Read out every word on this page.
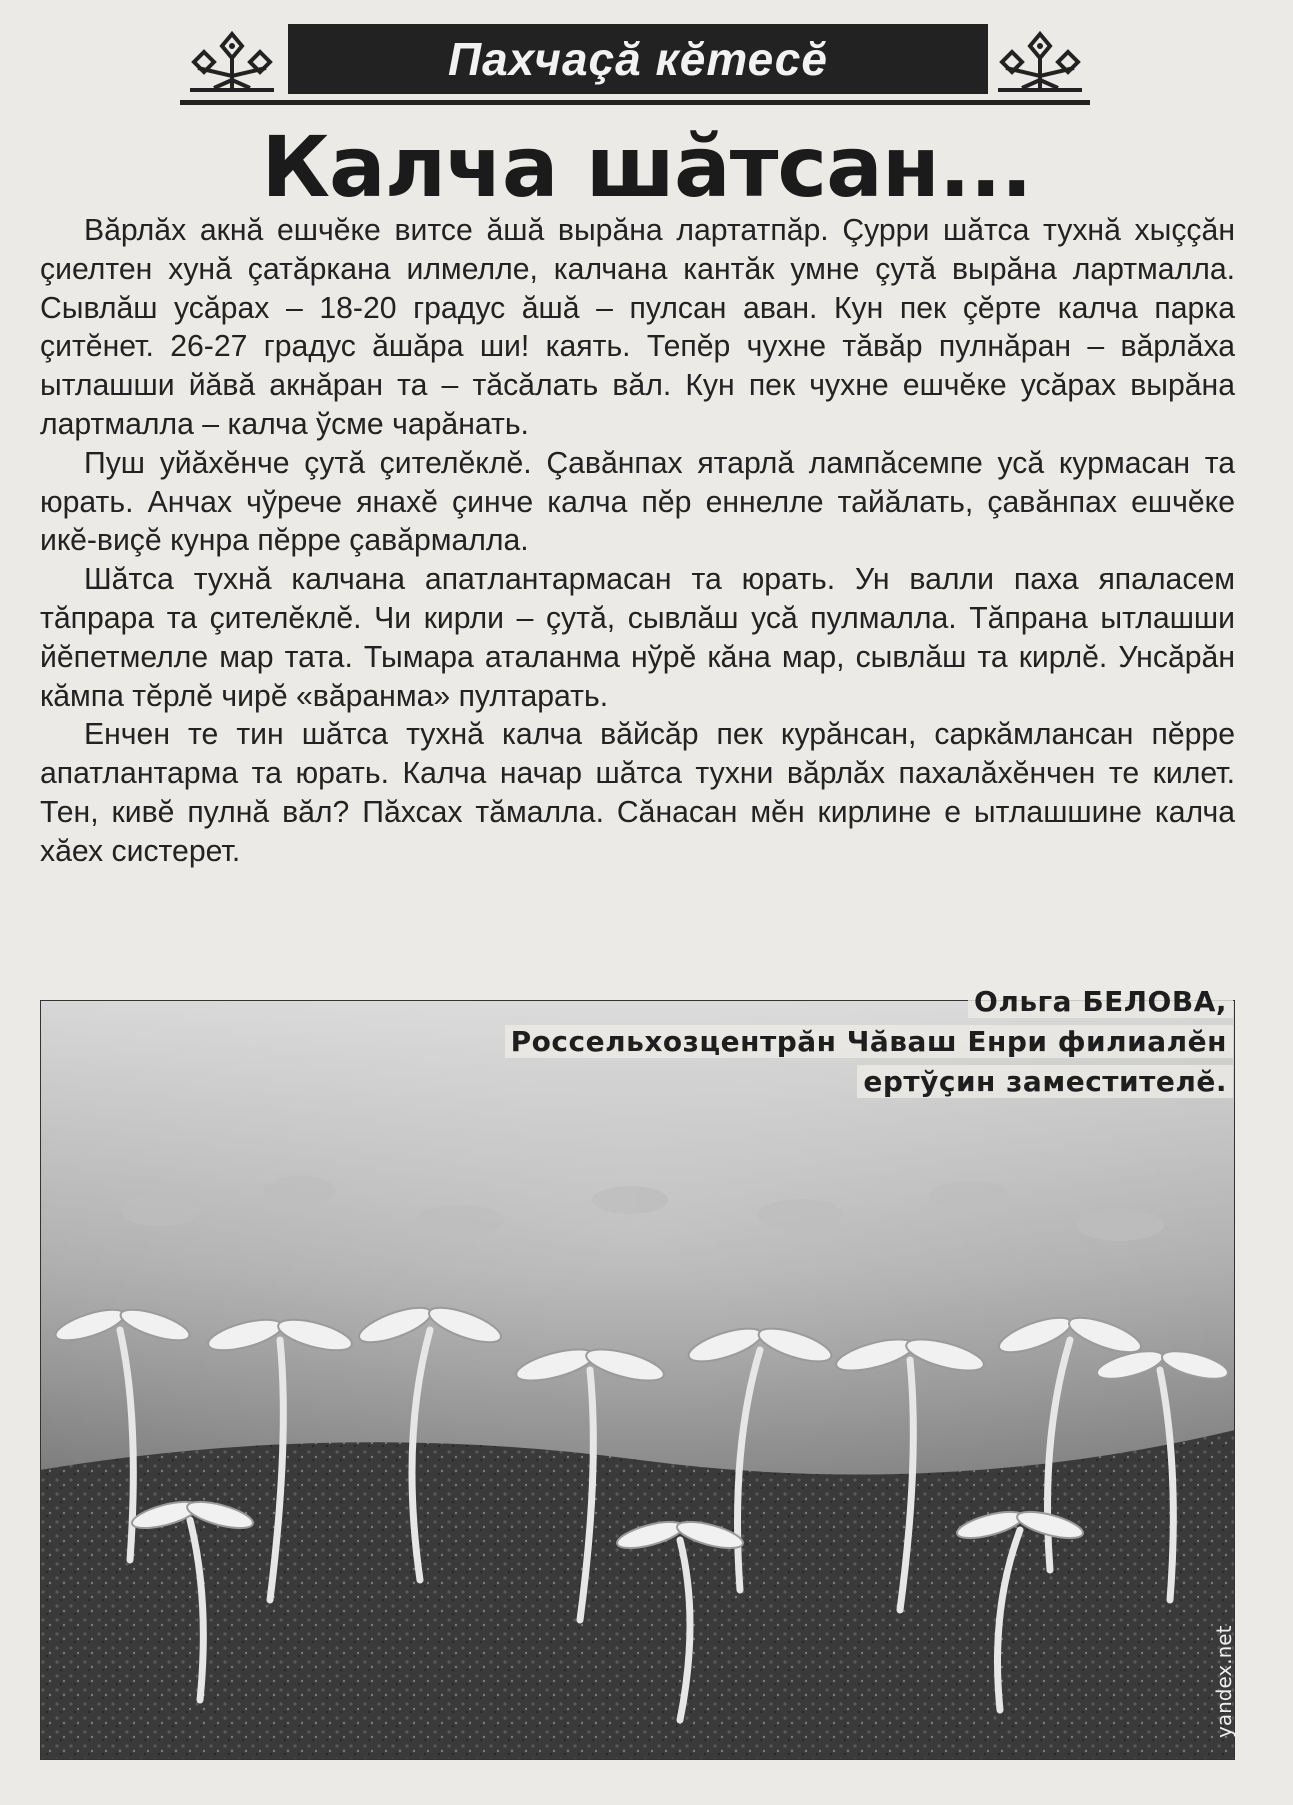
Пахчаçă кĕтесĕ
Калча шăтсан...

Вăрлăх акнă ешчĕке витсе ăшă вырăна лартатпăр. Çурри шăтса тухнă хыççăн çиелтен хунă çатăркана илмелле, калчана кантăк умне çутă вырăна лартмалла. Сывлăш усăрах – 18-20 градус ăшă – пулсан аван. Кун пек çĕрте калча парка çитĕнет. 26-27 градус ăшăра ши! каять. Тепĕр чухне тăвăр пулнăран – вăрлăха ытлашши йăвă акнăран та – тăсăлать вăл. Кун пек чухне ешчĕке усăрах вырăна лартмалла – калча ўсме чарăнать.

Пуш уйăхĕнче çутă çителĕклĕ. Çавăнпах ятарлă лампăсемпе усă курмасан та юрать. Анчах чўрече янахĕ çинче калча пĕр еннелле тайăлать, çавăнпах ешчĕке икĕ-виçĕ кунра пĕрре çавăрмалла.

Шăтса тухнă калчана апатлантармасан та юрать. Ун валли паха япаласем тăпрара та çителĕклĕ. Чи кирли – çутă, сывлăш усă пулмалла. Тăпрана ытлашши йĕпетмелле мар тата. Тымара аталанма нўрĕ кăна мар, сывлăш та кирлĕ. Унсăрăн кăмпа тĕрлĕ чирĕ «вăранма» пултарать.

Енчен те тин шăтса тухнă калча вăйсăр пек курăнсан, саркăмлансан пĕрре апатлантарма та юрать. Калча начар шăтса тухни вăрлăх пахалăхĕнчен те килет. Тен, кивĕ пулнă вăл? Пăхсах тăмалла. Сăнасан мĕн кирлине е ытлашшине калча хăех систерет.

Ольга БЕЛОВА,
Россельхозцентрăн Чăваш Енри филиалĕн
ертўçин заместителĕ.
yandex.net
